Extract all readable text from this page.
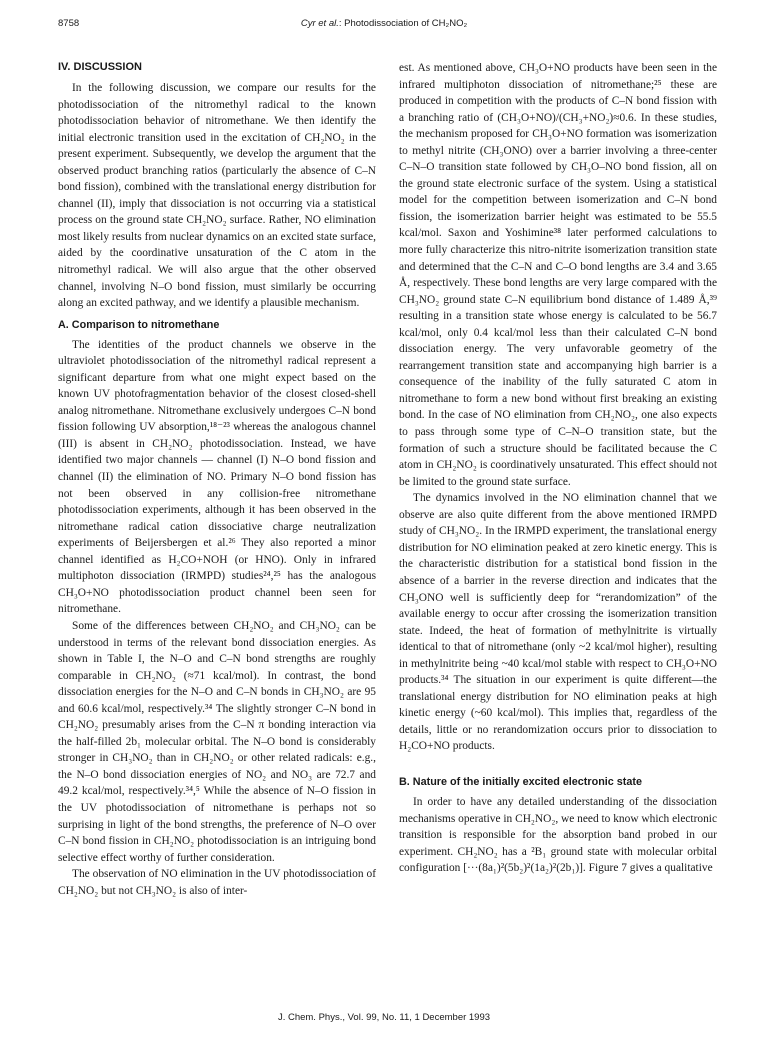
8758	Cyr et al.: Photodissociation of CH₂NO₂
IV. DISCUSSION

In the following discussion, we compare our results for the photodissociation of the nitromethyl radical to the known photodissociation behavior of nitromethane. We then identify the initial electronic transition used in the excitation of CH₂NO₂ in the present experiment. Subsequently, we develop the argument that the observed product branching ratios (particularly the absence of C–N bond fission), combined with the translational energy distribution for channel (II), imply that dissociation is not occurring via a statistical process on the ground state CH₂NO₂ surface. Rather, NO elimination most likely results from nuclear dynamics on an excited state surface, aided by the coordinative unsaturation of the C atom in the nitromethyl radical. We will also argue that the other observed channel, involving N–O bond fission, must similarly be occurring along an excited pathway, and we identify a plausible mechanism.

A. Comparison to nitromethane

The identities of the product channels we observe in the ultraviolet photodissociation of the nitromethyl radical represent a significant departure from what one might expect based on the known UV photofragmentation behavior of the closest closed-shell analog nitromethane. Nitromethane exclusively undergoes C–N bond fission following UV absorption,¹⁸⁻²³ whereas the analogous channel (III) is absent in CH₂NO₂ photodissociation. Instead, we have identified two major channels — channel (I) N–O bond fission and channel (II) the elimination of NO. Primary N–O bond fission has not been observed in any collision-free nitromethane photodissociation experiments, although it has been observed in the nitromethane radical cation dissociative charge neutralization experiments of Beijersbergen et al.²⁶ They also reported a minor channel identified as H₂CO+NOH (or HNO). Only in infrared multiphoton dissociation (IRMPD) studies²⁴,²⁵ has the analogous CH₃O+NO photodissociation product channel been seen for nitromethane.

Some of the differences between CH₂NO₂ and CH₃NO₂ can be understood in terms of the relevant bond dissociation energies. As shown in Table I, the N–O and C–N bond strengths are roughly comparable in CH₂NO₂ (≈71 kcal/mol). In contrast, the bond dissociation energies for the N–O and C–N bonds in CH₃NO₂ are 95 and 60.6 kcal/mol, respectively.³⁴ The slightly stronger C–N bond in CH₂NO₂ presumably arises from the C–N π bonding interaction via the half-filled 2b₁ molecular orbital. The N–O bond is considerably stronger in CH₃NO₂ than in CH₂NO₂ or other related radicals: e.g., the N–O bond dissociation energies of NO₂ and NO₃ are 72.7 and 49.2 kcal/mol, respectively.³⁴,⁵ While the absence of N–O fission in the UV photodissociation of nitromethane is perhaps not so surprising in light of the bond strengths, the preference of N–O over C–N bond fission in CH₂NO₂ photodissociation is an intriguing bond selective effect worthy of further consideration.

The observation of NO elimination in the UV photodissociation of CH₂NO₂ but not CH₃NO₂ is also of inter-

est. As mentioned above, CH₃O+NO products have been seen in the infrared multiphoton dissociation of nitromethane;²⁵ these are produced in competition with the products of C–N bond fission with a branching ratio of (CH₃O+NO)/(CH₃+NO₂)≈0.6. In these studies, the mechanism proposed for CH₃O+NO formation was isomerization to methyl nitrite (CH₃ONO) over a barrier involving a three-center C–N–O transition state followed by CH₃O–NO bond fission, all on the ground state electronic surface of the system. Using a statistical model for the competition between isomerization and C–N bond fission, the isomerization barrier height was estimated to be 55.5 kcal/mol. Saxon and Yoshimine³⁸ later performed calculations to more fully characterize this nitro-nitrite isomerization transition state and determined that the C–N and C–O bond lengths are 3.4 and 3.65 Å, respectively. These bond lengths are very large compared with the CH₃NO₂ ground state C–N equilibrium bond distance of 1.489 Å,³⁹ resulting in a transition state whose energy is calculated to be 56.7 kcal/mol, only 0.4 kcal/mol less than their calculated C–N bond dissociation energy. The very unfavorable geometry of the rearrangement transition state and accompanying high barrier is a consequence of the inability of the fully saturated C atom in nitromethane to form a new bond without first breaking an existing bond. In the case of NO elimination from CH₂NO₂, one also expects to pass through some type of C–N–O transition state, but the formation of such a structure should be facilitated because the C atom in CH₂NO₂ is coordinatively unsaturated. This effect should not be limited to the ground state surface.

The dynamics involved in the NO elimination channel that we observe are also quite different from the above mentioned IRMPD study of CH₃NO₂. In the IRMPD experiment, the translational energy distribution for NO elimination peaked at zero kinetic energy. This is the characteristic distribution for a statistical bond fission in the absence of a barrier in the reverse direction and indicates that the CH₃ONO well is sufficiently deep for “rerandomization” of the available energy to occur after crossing the isomerization transition state. Indeed, the heat of formation of methylnitrite is virtually identical to that of nitromethane (only ~2 kcal/mol higher), resulting in methylnitrite being ~40 kcal/mol stable with respect to CH₃O+NO products.³⁴ The situation in our experiment is quite different—the translational energy distribution for NO elimination peaks at high kinetic energy (~60 kcal/mol). This implies that, regardless of the details, little or no rerandomization occurs prior to dissociation to H₂CO+NO products.

B. Nature of the initially excited electronic state

In order to have any detailed understanding of the dissociation mechanisms operative in CH₂NO₂, we need to know which electronic transition is responsible for the absorption band probed in our experiment. CH₂NO₂ has a ²B₁ ground state with molecular orbital configuration [···(8a₁)²(5b₂)²(1a₂)²(2b₁)]. Figure 7 gives a qualitative

J. Chem. Phys., Vol. 99, No. 11, 1 December 1993
